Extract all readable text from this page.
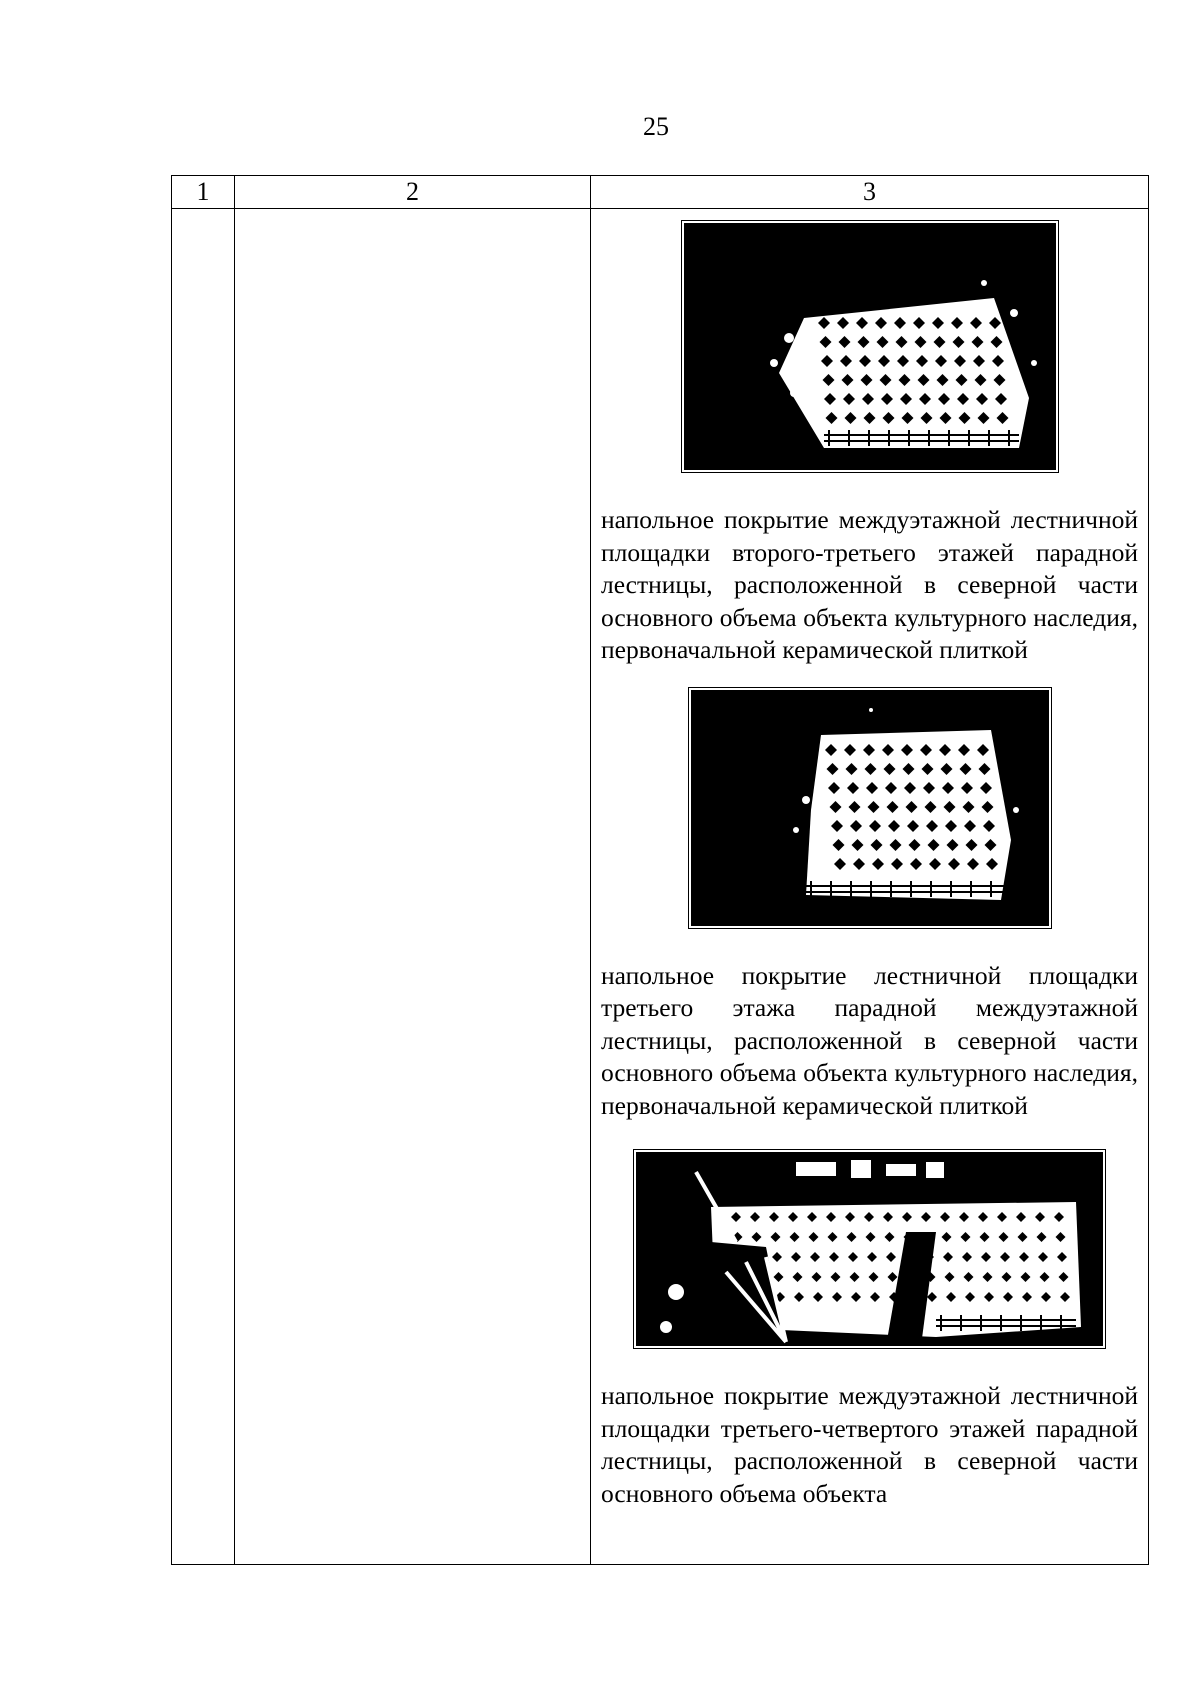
25
1	2	3

		напольное покрытие междуэтажной лестничной площадки второго-третьего этажей парадной лестницы, расположенной в северной части основного объема объекта культурного наследия, первоначальной керамической плиткой

напольное покрытие лестничной площадки третьего этажа парадной междуэтажной лестницы, расположенной в северной части основного объема объекта культурного наследия, первоначальной керамической плиткой

напольное покрытие междуэтажной лестничной площадки третьего-четвертого этажей парадной лестницы, расположенной в северной части основного объема объекта
